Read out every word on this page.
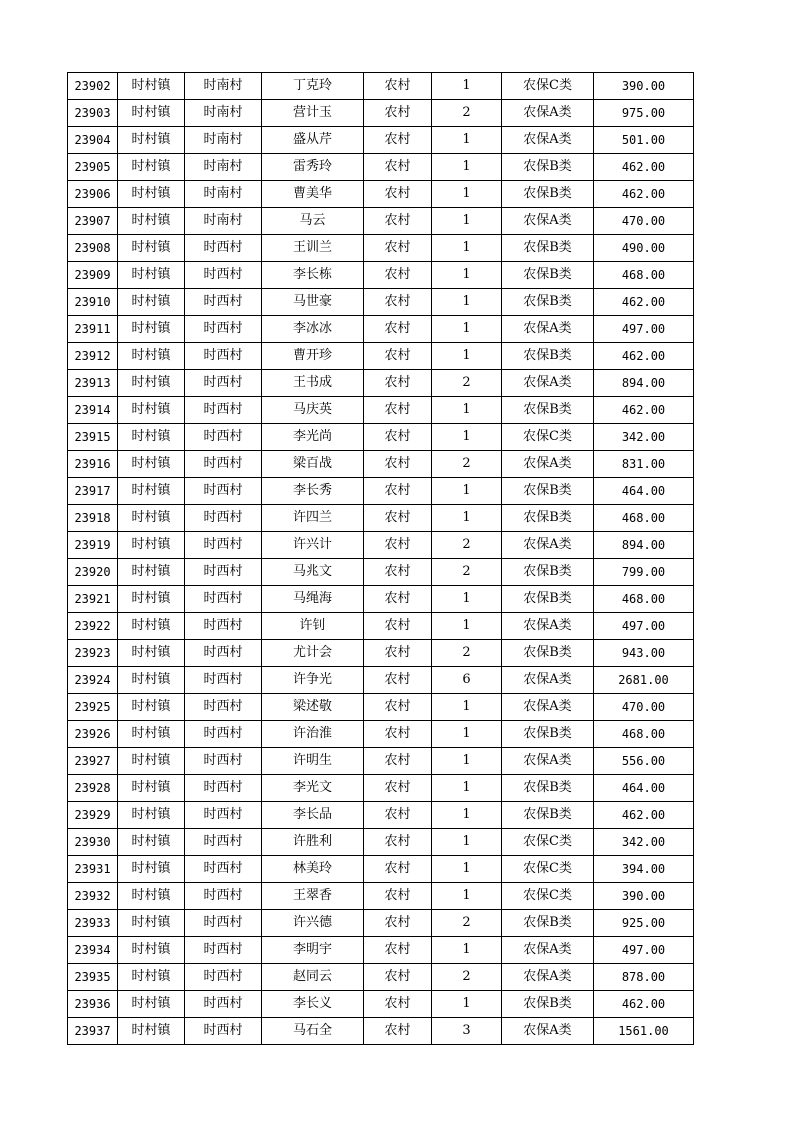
23902	时村镇	时南村	丁克玲	农村	1	农保C类	390.00
23903	时村镇	时南村	营计玉	农村	2	农保A类	975.00
23904	时村镇	时南村	盛从芹	农村	1	农保A类	501.00
23905	时村镇	时南村	雷秀玲	农村	1	农保B类	462.00
23906	时村镇	时南村	曹美华	农村	1	农保B类	462.00
23907	时村镇	时南村	马云	农村	1	农保A类	470.00
23908	时村镇	时西村	王训兰	农村	1	农保B类	490.00
23909	时村镇	时西村	李长栋	农村	1	农保B类	468.00
23910	时村镇	时西村	马世豪	农村	1	农保B类	462.00
23911	时村镇	时西村	李冰冰	农村	1	农保A类	497.00
23912	时村镇	时西村	曹开珍	农村	1	农保B类	462.00
23913	时村镇	时西村	王书成	农村	2	农保A类	894.00
23914	时村镇	时西村	马庆英	农村	1	农保B类	462.00
23915	时村镇	时西村	李光尚	农村	1	农保C类	342.00
23916	时村镇	时西村	梁百战	农村	2	农保A类	831.00
23917	时村镇	时西村	李长秀	农村	1	农保B类	464.00
23918	时村镇	时西村	许四兰	农村	1	农保B类	468.00
23919	时村镇	时西村	许兴计	农村	2	农保A类	894.00
23920	时村镇	时西村	马兆文	农村	2	农保B类	799.00
23921	时村镇	时西村	马绳海	农村	1	农保B类	468.00
23922	时村镇	时西村	许钊	农村	1	农保A类	497.00
23923	时村镇	时西村	尤计会	农村	2	农保B类	943.00
23924	时村镇	时西村	许争光	农村	6	农保A类	2681.00
23925	时村镇	时西村	梁述敬	农村	1	农保A类	470.00
23926	时村镇	时西村	许治淮	农村	1	农保B类	468.00
23927	时村镇	时西村	许明生	农村	1	农保A类	556.00
23928	时村镇	时西村	李光文	农村	1	农保B类	464.00
23929	时村镇	时西村	李长品	农村	1	农保B类	462.00
23930	时村镇	时西村	许胜利	农村	1	农保C类	342.00
23931	时村镇	时西村	林美玲	农村	1	农保C类	394.00
23932	时村镇	时西村	王翠香	农村	1	农保C类	390.00
23933	时村镇	时西村	许兴德	农村	2	农保B类	925.00
23934	时村镇	时西村	李明宇	农村	1	农保A类	497.00
23935	时村镇	时西村	赵同云	农村	2	农保A类	878.00
23936	时村镇	时西村	李长义	农村	1	农保B类	462.00
23937	时村镇	时西村	马石全	农村	3	农保A类	1561.00
